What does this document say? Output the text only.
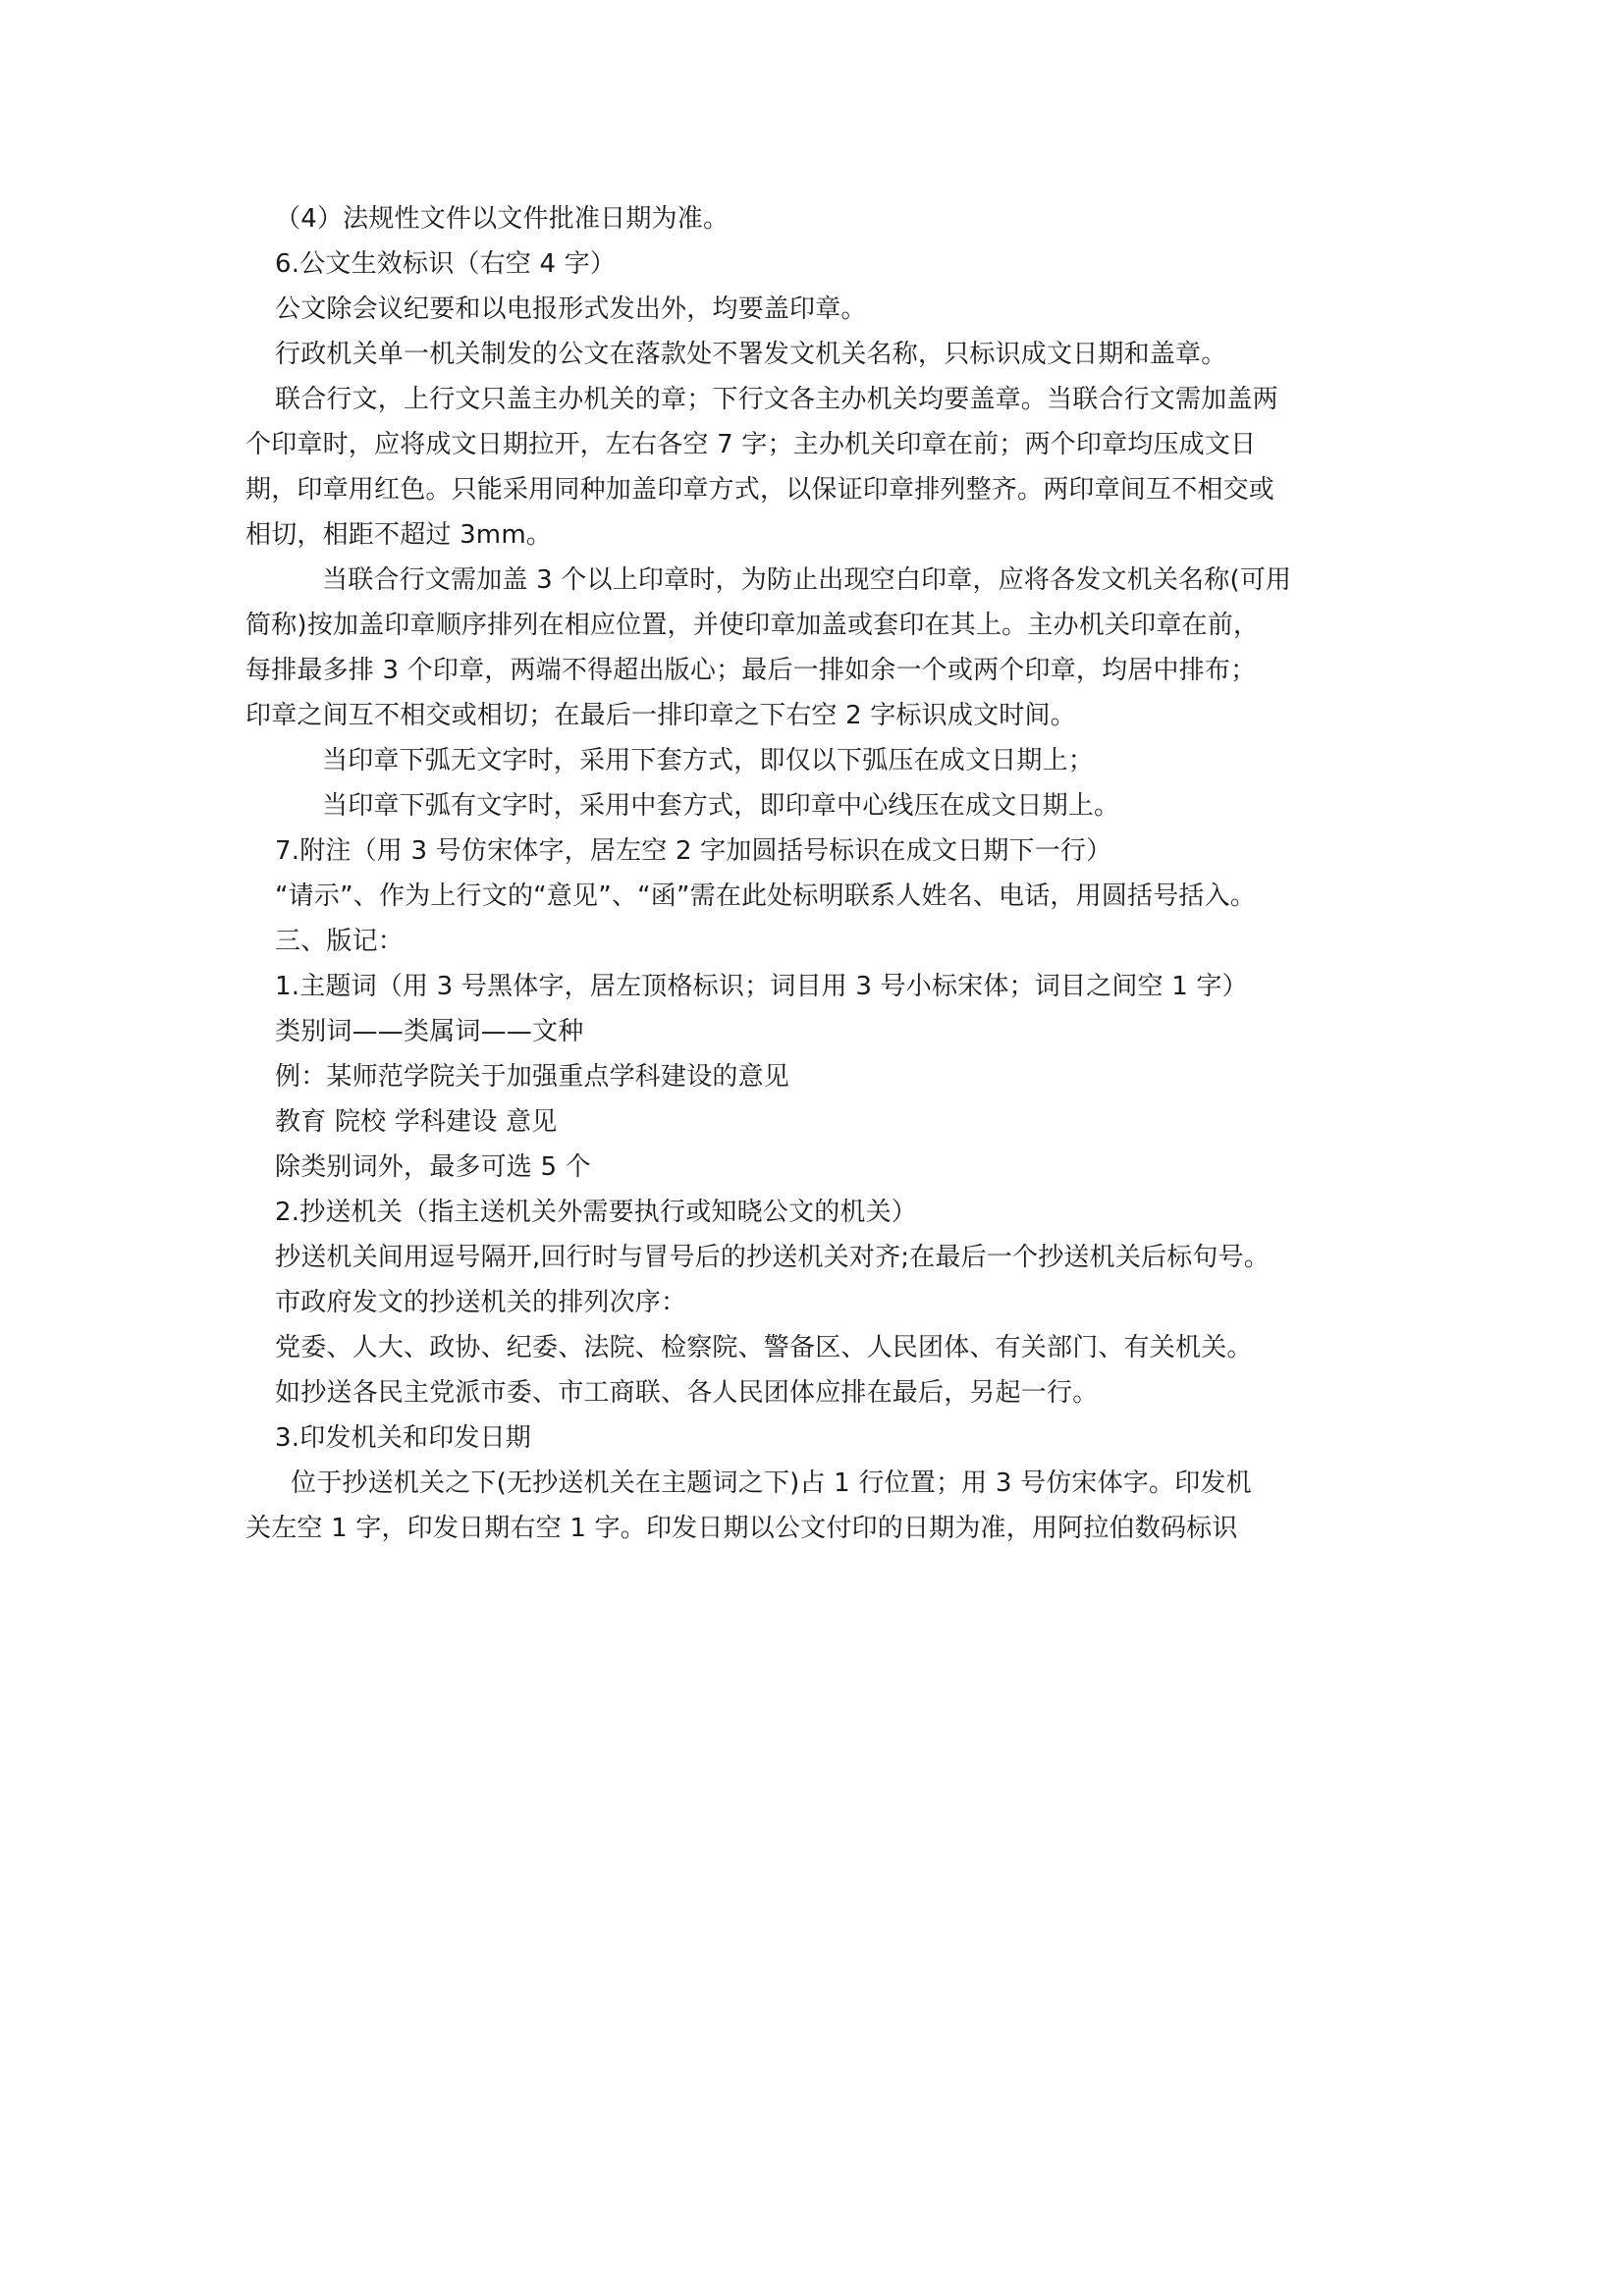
（4）法规性文件以文件批准日期为准。
6.公文生效标识（右空 4 字）
公文除会议纪要和以电报形式发出外，均要盖印章。
行政机关单一机关制发的公文在落款处不署发文机关名称，只标识成文日期和盖章。
联合行文，上行文只盖主办机关的章；下行文各主办机关均要盖章。当联合行文需加盖两
个印章时，应将成文日期拉开，左右各空 7 字；主办机关印章在前；两个印章均压成文日
期，印章用红色。只能采用同种加盖印章方式，以保证印章排列整齐。两印章间互不相交或
相切，相距不超过 3mm。
当联合行文需加盖 3 个以上印章时，为防止出现空白印章，应将各发文机关名称(可用
简称)按加盖印章顺序排列在相应位置，并使印章加盖或套印在其上。主办机关印章在前，
每排最多排 3 个印章，两端不得超出版心；最后一排如余一个或两个印章，均居中排布；
印章之间互不相交或相切；在最后一排印章之下右空 2 字标识成文时间。
当印章下弧无文字时，采用下套方式，即仅以下弧压在成文日期上；
当印章下弧有文字时，采用中套方式，即印章中心线压在成文日期上。
7.附注（用 3 号仿宋体字，居左空 2 字加圆括号标识在成文日期下一行）
“请示”、作为上行文的“意见”、“函”需在此处标明联系人姓名、电话，用圆括号括入。
三、版记：
1.主题词（用 3 号黑体字，居左顶格标识；词目用 3 号小标宋体；词目之间空 1 字）
类别词——类属词——文种
例：某师范学院关于加强重点学科建设的意见
教育 院校 学科建设 意见
除类别词外，最多可选 5 个
2.抄送机关（指主送机关外需要执行或知晓公文的机关）
抄送机关间用逗号隔开,回行时与冒号后的抄送机关对齐;在最后一个抄送机关后标句号。
市政府发文的抄送机关的排列次序：
党委、人大、政协、纪委、法院、检察院、警备区、人民团体、有关部门、有关机关。
如抄送各民主党派市委、市工商联、各人民团体应排在最后，另起一行。
3.印发机关和印发日期
位于抄送机关之下(无抄送机关在主题词之下)占 1 行位置；用 3 号仿宋体字。印发机
关左空 1 字，印发日期右空 1 字。印发日期以公文付印的日期为准，用阿拉伯数码标识
